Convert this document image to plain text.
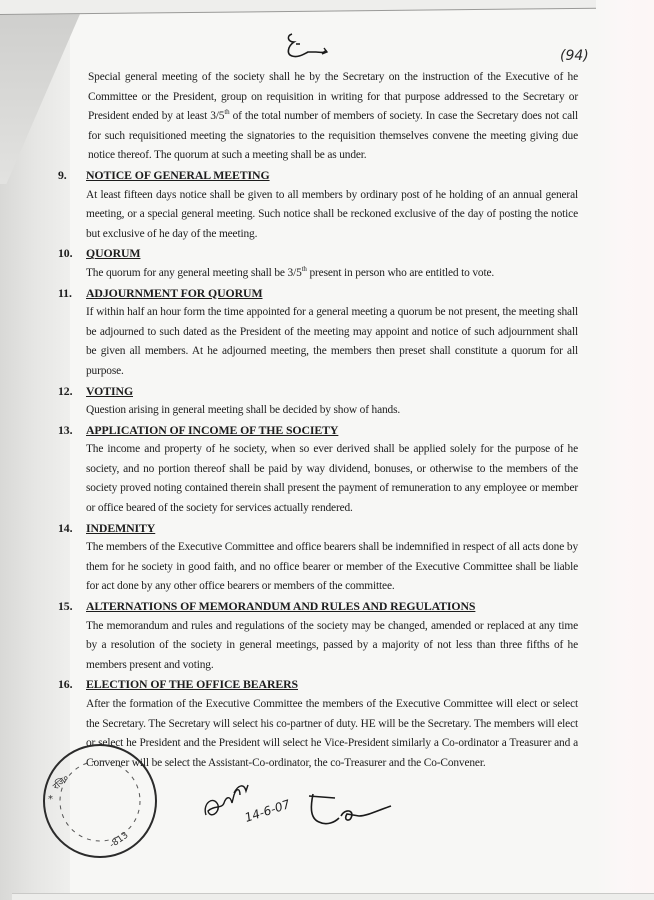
(94)

Special general meeting of the society shall he by the Secretary on the instruction of the Executive of he Committee or the President, group on requisition in writing for that purpose addressed to the Secretary or President ended by at least 3/5th of the total number of members of society. In case the Secretary does not call for such requisitioned meeting the signatories to the requisition themselves convene the meeting giving due notice thereof. The quorum at such a meeting shall be as under.

9. NOTICE OF GENERAL MEETING

At least fifteen days notice shall be given to all members by ordinary post of he holding of an annual general meeting, or a special general meeting. Such notice shall be reckoned exclusive of the day of posting the notice but exclusive of he day of the meeting.

10. QUORUM

The quorum for any general meeting shall be 3/5th present in person who are entitled to vote.

11. ADJOURNMENT FOR QUORUM

If within half an hour form the time appointed for a general meeting a quorum be not present, the meeting shall be adjourned to such dated as the President of the meeting may appoint and notice of such adjournment shall be given all members. At he adjourned meeting, the members then preset shall constitute a quorum for all purpose.

12. VOTING

Question arising in general meeting shall be decided by show of hands.

13. APPLICATION OF INCOME OF THE SOCIETY

The income and property of he society, when so ever derived shall be applied solely for the purpose of he society, and no portion thereof shall be paid by way dividend, bonuses, or otherwise to the members of the society proved noting contained therein shall present the payment of remuneration to any employee or member or office beared of the society for services actually rendered.

14. INDEMNITY

The members of the Executive Committee and office bearers shall be indemnified in respect of all acts done by them for he society in good faith, and no office bearer or member of the Executive Committee shall be liable for act done by any other office bearers or members of the committee.

15. ALTERNATIONS OF MEMORANDUM AND RULES AND REGULATIONS

The memorandum and rules and regulations of the society may be changed, amended or replaced at any time by a resolution of the society in general meetings, passed by a majority of not less than three fifths of he members present and voting.

16. ELECTION OF THE OFFICE BEARERS

After the formation of the Executive Committee the members of the Executive Committee will elect or select the Secretary. The Secretary will select his co-partner of duty. HE will be the Secretary. The members will elect or select he President and the President will select he Vice-President similarly a Co-ordinator a Treasurer and a Convener will be select the Assistant-Co-ordinator, the co-Treasurer and the Co-Convener.

रजि०
*
-813
14-6-07
